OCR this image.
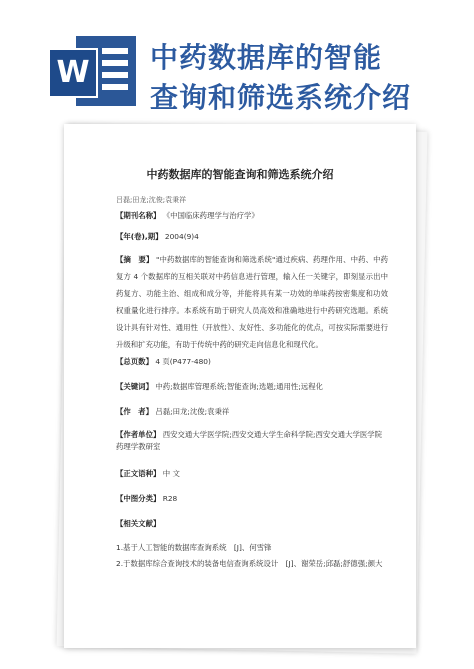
W	中药数据库的智能
查询和筛选系统介绍
中药数据库的智能查询和筛选系统介绍
吕磊;田龙;沈俊;袁秉祥
【期刊名称】 《中国临床药理学与治疗学》
【年(卷),期】 2004(9)4
【摘　要】 "中药数据库的智能查询和筛选系统"通过疾病、药理作用、中药、中药复方 4 个数据库的互相关联对中药信息进行管理，输入任一关键字，即刻显示出中药复方、功能主治、组成和成分等，并能将具有某一功效的单味药按密集度和功效权重量化进行排序。本系统有助于研究人员高效和准确地进行中药研究选题。系统设计具有针对性、通用性（开放性）、友好性、多功能化的优点，可按实际需要进行升级和扩充功能，有助于传统中药的研究走向信息化和现代化。
【总页数】 4 页(P477-480)
【关键词】 中药;数据库管理系统;智能查询;选题;通用性;远程化
【作　者】 吕磊;田龙;沈俊;袁秉祥
【作者单位】 西安交通大学医学院;西安交通大学生命科学院;西安交通大学医学院
药理学教研室
【正文语种】 中 文
【中图分类】 R28
【相关文献】
1.基于人工智能的数据库查询系统　[J]、何雪锋
2.于数据库综合查询技术的装备电信查询系统设计　[J]、谢荣岳;邱磊;舒德强;颜大
